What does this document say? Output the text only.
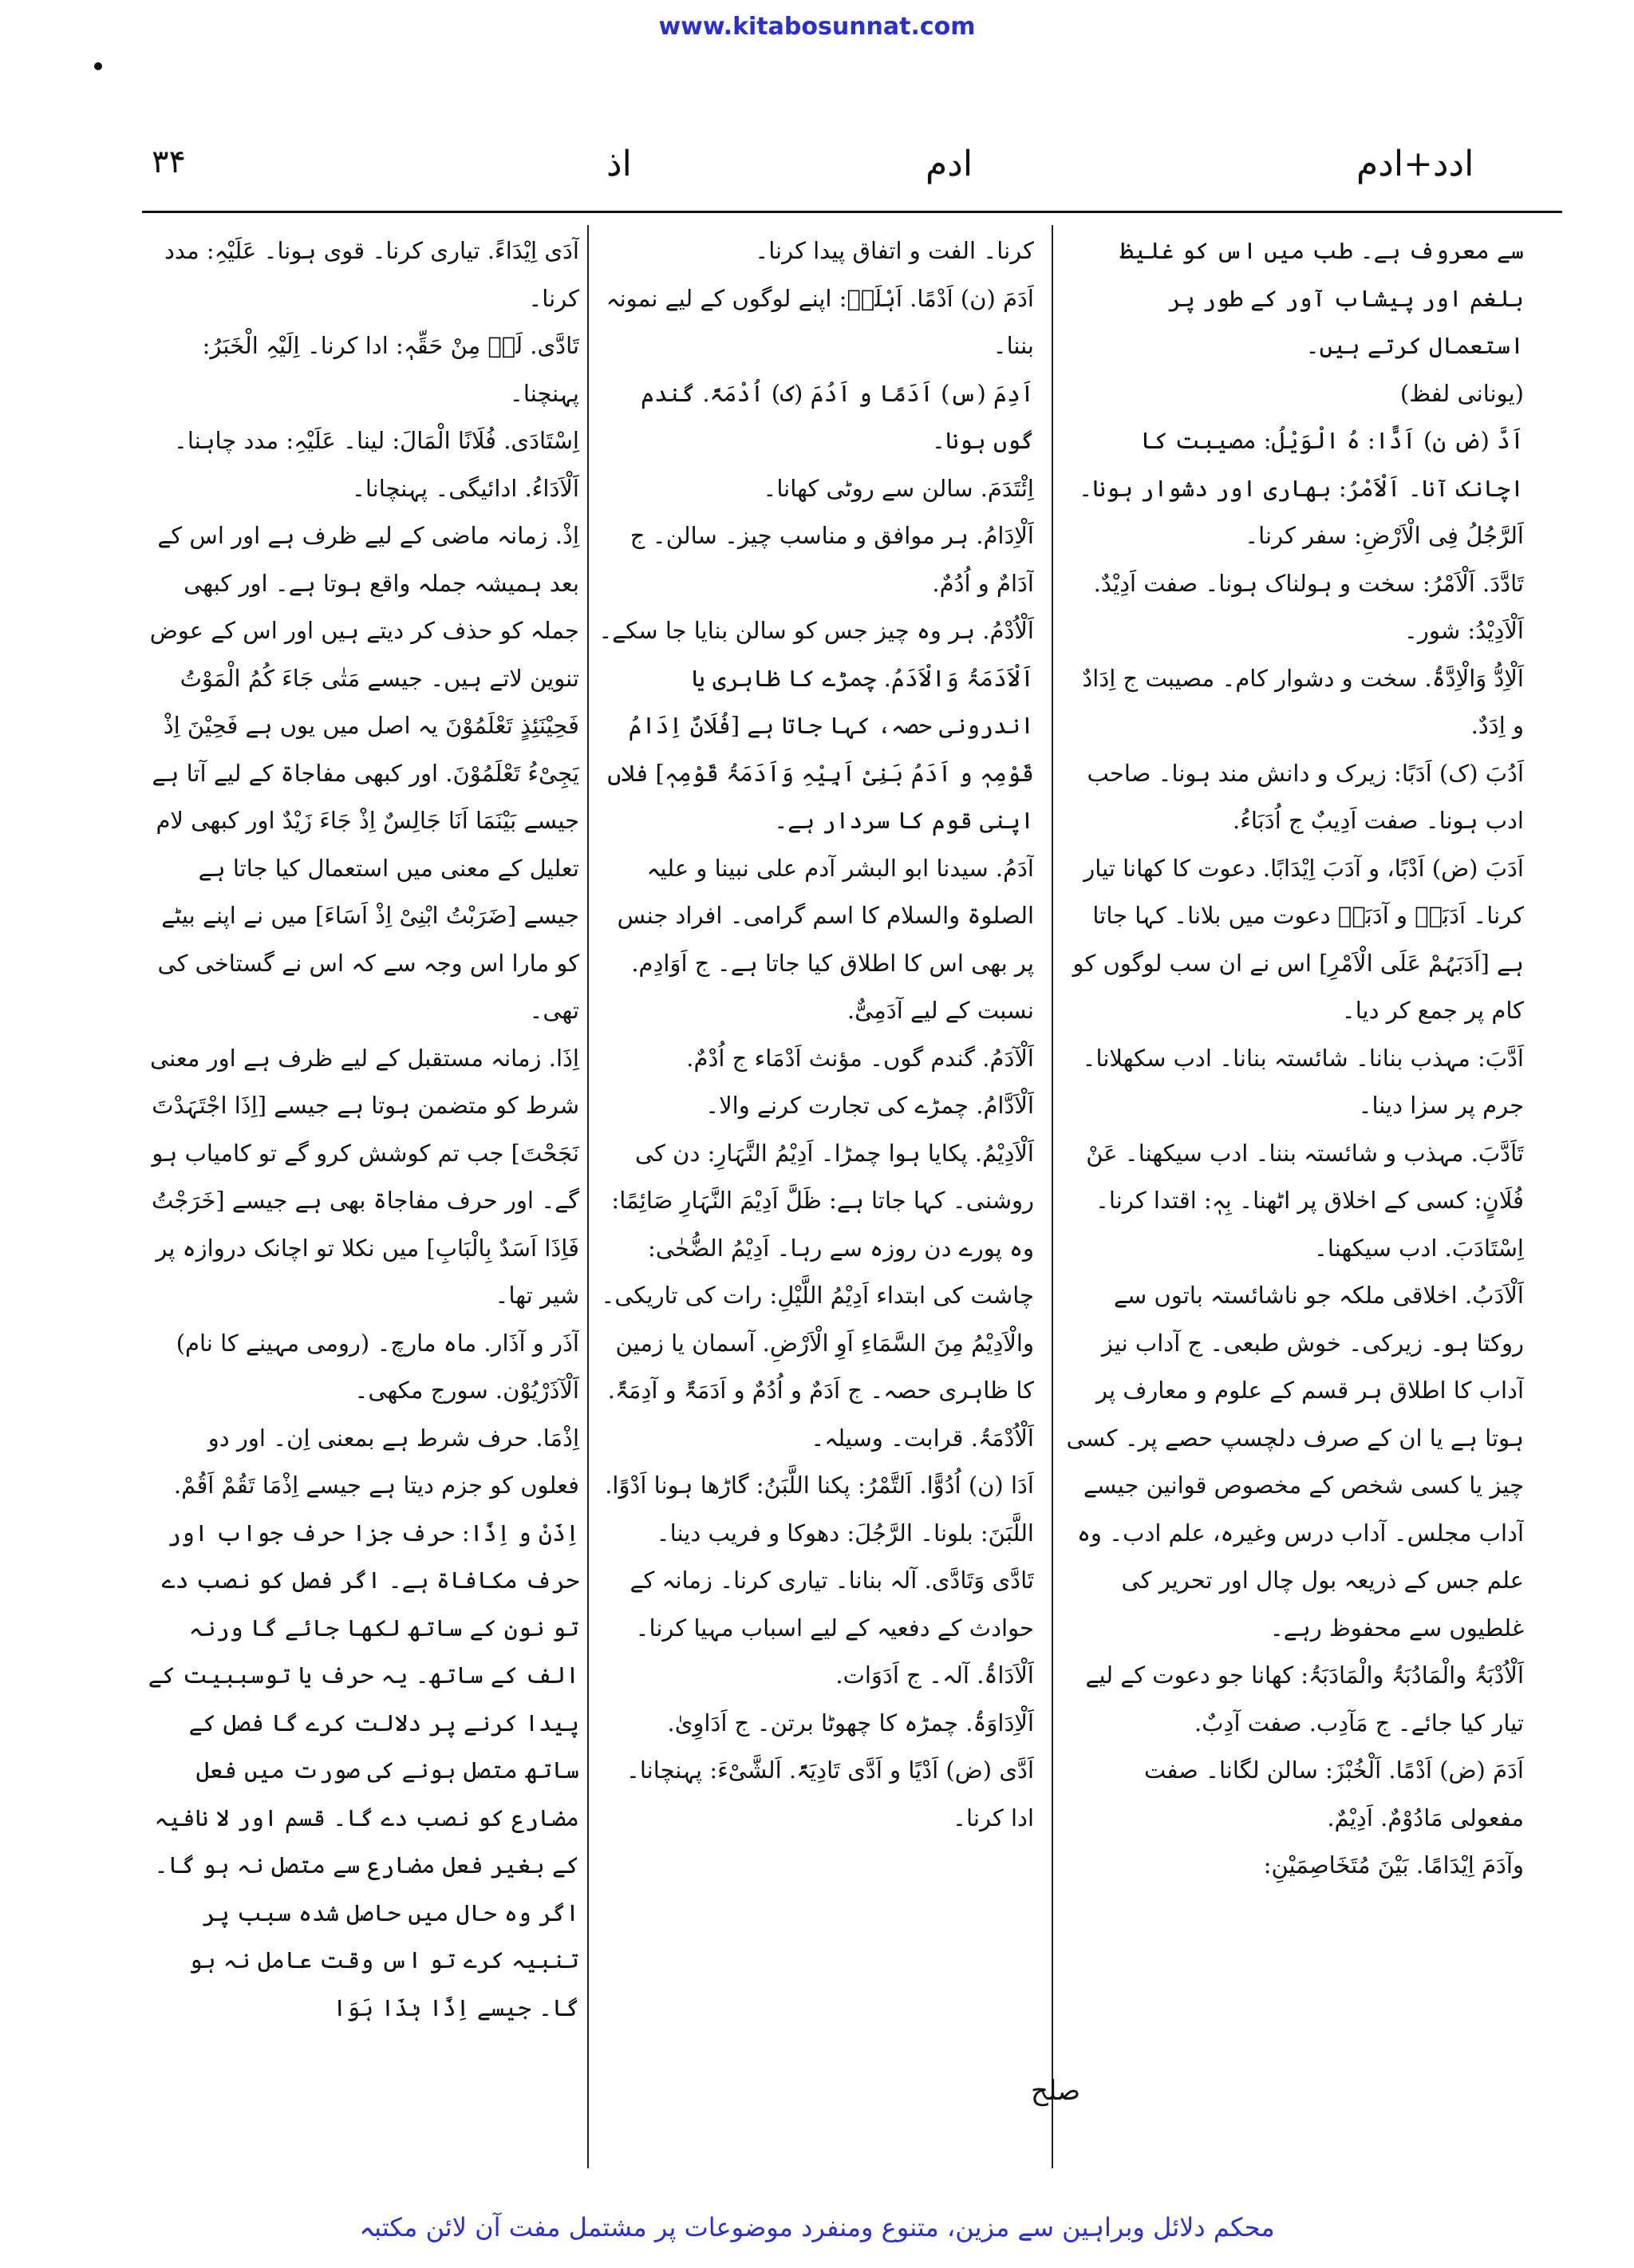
www.kitabosunnat.com
۳۴	اذ	ادم	ادد+ادم

سے معروف ہے۔ طب میں اس کو غلیظ بلغم اور پیشاب آور کے طور پر استعمال کرتے ہیں۔

(یونانی لفظ)

اَدَّ (ض ن) اَدًّا: ہُ الْوَیْلُ: مصیبت کا اچانک آنا۔ اَلْاَمْرُ: بھاری اور دشوار ہونا۔

اَلرَّجُلُ فِی الْاَرْضِ: سفر کرنا۔

تَادَّدَ. اَلْاَمْرُ: سخت و ہولناک ہونا۔ صفت اَدِیْدٌ.

اَلْاَدِیْدُ: شور۔

اَلْاِدُّ وَالْاِدَّۃُ. سخت و دشوار کام۔ مصیبت ج اِدَادٌ و اِدَدٌ.

اَدُبَ (ک) اَدَبًا: زیرک و دانش مند ہونا۔ صاحب ادب ہونا۔ صفت اَدِیبٌ ج اُدَبَاءُ.

اَدَبَ (ض) اَدْبًا، و آدَبَ اِیْدَابًا. دعوت کا کھانا تیار کرنا۔ اَدَبَہٗ و آدَبَہٗ دعوت میں بلانا۔ کہا جاتا ہے [اَدَبَہُمْ عَلَی الْاَمْرِ] اس نے ان سب لوگوں کو کام پر جمع کر دیا۔

اَدَّبَ: مہذب بنانا۔ شائستہ بنانا۔ ادب سکھلانا۔ جرم پر سزا دینا۔

تَاَدَّبَ. مہذب و شائستہ بننا۔ ادب سیکھنا۔ عَنْ فُلَانٍ: کسی کے اخلاق پر اٹھنا۔ بِہٖ: اقتدا کرنا۔

اِسْتَادَبَ. ادب سیکھنا۔

اَلْاَدَبُ. اخلاقی ملکہ جو ناشائستہ باتوں سے روکتا ہو۔ زیرکی۔ خوش طبعی۔ ج آداب نیز آداب کا اطلاق ہر قسم کے علوم و معارف پر ہوتا ہے یا ان کے صرف دلچسپ حصے پر۔ کسی چیز یا کسی شخص کے مخصوص قوانین جیسے آداب مجلس۔ آداب درس وغیرہ، علم ادب۔ وہ علم جس کے ذریعہ بول چال اور تحریر کی غلطیوں سے محفوظ رہے۔

اَلْاُدْبَۃُ والْمَادُبَۃُ والْمَادَبَۃُ: کھانا جو دعوت کے لیے تیار کیا جائے۔ ج مَآدِب. صفت آدِبٌ.

اَدَمَ (ض) اَدْمًا. اَلْخُبْزَ: سالن لگانا۔ صفت مفعولی مَادُوْمٌ. اَدِیْمٌ.

وآدَمَ اِیْدَامًا. بَیْنَ مُتَخَاصِمَیْنِ:

کرنا۔ الفت و اتفاق پیدا کرنا۔

اَدَمَ (ن) اَدْمًا. اَہْلَہٗ: اپنے لوگوں کے لیے نمونہ بننا۔

اَدِمَ (س) اَدَمًا و اَدُمَ (ک) اُدْمَۃً. گندم گوں ہونا۔

اِئْتَدَمَ. سالن سے روٹی کھانا۔

اَلْاِدَامُ. ہر موافق و مناسب چیز۔ سالن۔ ج آدَامٌ و اُدُمٌ.

اَلْاُدْمُ. ہر وہ چیز جس کو سالن بنایا جا سکے۔

اَلْاَدَمَۃُ وَالْاَدَمُ. چمڑے کا ظاہری یا اندرونی حصہ، کہا جاتا ہے [فُلَانٌ اِدَامُ قَوْمِہٖ و اَدَمُ بَنِیْ اَبِیْہِ وَاَدَمَۃُ قَوْمِہٖ] فلاں اپنی قوم کا سردار ہے۔

آدَمُ. سیدنا ابو البشر آدم علی نبینا و علیہ الصلوۃ والسلام کا اسم گرامی۔ افراد جنس پر بھی اس کا اطلاق کیا جاتا ہے۔ ج اَوَادِم. نسبت کے لیے آدَمِیٌّ.

اَلْآدَمُ. گندم گوں۔ مؤنث اَدْمَاء ج اُدْمٌ.

اَلْاَدَّامُ. چمڑے کی تجارت کرنے والا۔

اَلْاَدِیْمُ. پکایا ہوا چمڑا۔ اَدِیْمُ النَّہَارِ: دن کی روشنی۔ کہا جاتا ہے: ظَلَّ اَدِیْمَ النَّہَارِ صَائِمًا: وہ پورے دن روزہ سے رہا۔ اَدِیْمُ الضُّحٰی: چاشت کی ابتداء اَدِیْمُ اللَّیْلِ: رات کی تاریکی۔ والْاَدِیْمُ مِنَ السَّمَاءِ اَوِ الْاَرْضِ. آسمان یا زمین کا ظاہری حصہ۔ ج اَدَمٌ و اُدُمٌ و اَدَمَۃٌ و آدِمَۃٌ.

اَلْاُدْمَۃُ. قرابت۔ وسیلہ۔

اَدَا (ن) اُدُوًّا. اَلتَّمْرُ: پکنا اللَّبَنُ: گاڑھا ہونا اَدْوًا. اللَّبَنَ: بلونا۔ الرَّجُلَ: دھوکا و فریب دینا۔

تَادَّی وَتَادَّی. آلہ بنانا۔ تیاری کرنا۔ زمانہ کے حوادث کے دفعیہ کے لیے اسباب مہیا کرنا۔

اَلْاَدَاۃُ. آلہ۔ ج اَدَوَات.

اَلْاِدَاوَۃُ. چمڑہ کا چھوٹا برتن۔ ج اَدَاوِیٰ.

اَدَّی (ض) اَدْیًا و اَدَّی تَادِیَۃً. اَلشَّیْءَ: پہنچانا۔ ادا کرنا۔

آدَی اِیْدَاءً. تیاری کرنا۔ قوی ہونا۔ عَلَیْہِ: مدد کرنا۔

تَادَّی. لَہٗ مِنْ حَقِّہٖ: ادا کرنا۔ اِلَیْہِ الْخَبَرُ: پہنچنا۔

اِسْتَادَی. فُلَانًا الْمَالَ: لینا۔ عَلَیْہِ: مدد چاہنا۔

اَلْاَدَاءُ. ادائیگی۔ پہنچانا۔

اِذْ. زمانہ ماضی کے لیے ظرف ہے اور اس کے بعد ہمیشہ جملہ واقع ہوتا ہے۔ اور کبھی جملہ کو حذف کر دیتے ہیں اور اس کے عوض تنوین لاتے ہیں۔ جیسے مَتٰی جَاءَ کُمُ الْمَوْتُ فَحِیْنَئِذٍ تَعْلَمُوْنَ یہ اصل میں یوں ہے فَحِیْنَ اِذْ یَجِیْءُ تَعْلَمُوْنَ. اور کبھی مفاجاۃ کے لیے آتا ہے جیسے بَیْنَمَا اَنَا جَالِسٌ اِذْ جَاءَ زَیْدٌ اور کبھی لام تعلیل کے معنی میں استعمال کیا جاتا ہے جیسے [ضَرَبْتُ ابْنِیْ اِذْ اَسَاءَ] میں نے اپنے بیٹے کو مارا اس وجہ سے کہ اس نے گستاخی کی تھی۔

اِذَا. زمانہ مستقبل کے لیے ظرف ہے اور معنی شرط کو متضمن ہوتا ہے جیسے [اِذَا اجْتَہَدْتَ نَجَحْتَ] جب تم کوشش کرو گے تو کامیاب ہو گے۔ اور حرف مفاجاۃ بھی ہے جیسے [خَرَجْتُ فَاِذَا اَسَدٌ بِالْبَابِ] میں نکلا تو اچانک دروازہ پر شیر تھا۔

آذَر و آذَار. ماہ مارچ۔ (رومی مہینے کا نام)

اَلْآذَرْیُوْن. سورج مکھی۔

اِذْمَا. حرف شرط ہے بمعنی اِن۔ اور دو فعلوں کو جزم دیتا ہے جیسے اِذْمَا تَقُمْ اَقُمْ.

اِذَنْ و اِذًا: حرف جزا حرف جواب اور حرف مکافاۃ ہے۔ اگر فصل کو نصب دے تو نون کے ساتھ لکھا جائے گا ورنہ الف کے ساتھ۔ یہ حرف یا توسببیت کے پیدا کرنے پر دلالت کرے گا فصل کے ساتھ متصل ہونے کی صورت میں فعل مضارع کو نصب دے گا۔ قسم اور لا نافیہ کے بغیر فعل مضارع سے متصل نہ ہو گا۔ اگر وہ حال میں حاصل شدہ سبب پر تنبیہ کرے تو اس وقت عامل نہ ہو گا۔ جیسے اِذًا ہٰذَا ہَوَا

صلح
محکم دلائل وبراہین سے مزین، متنوع ومنفرد موضوعات پر مشتمل مفت آن لائن مکتبہ
